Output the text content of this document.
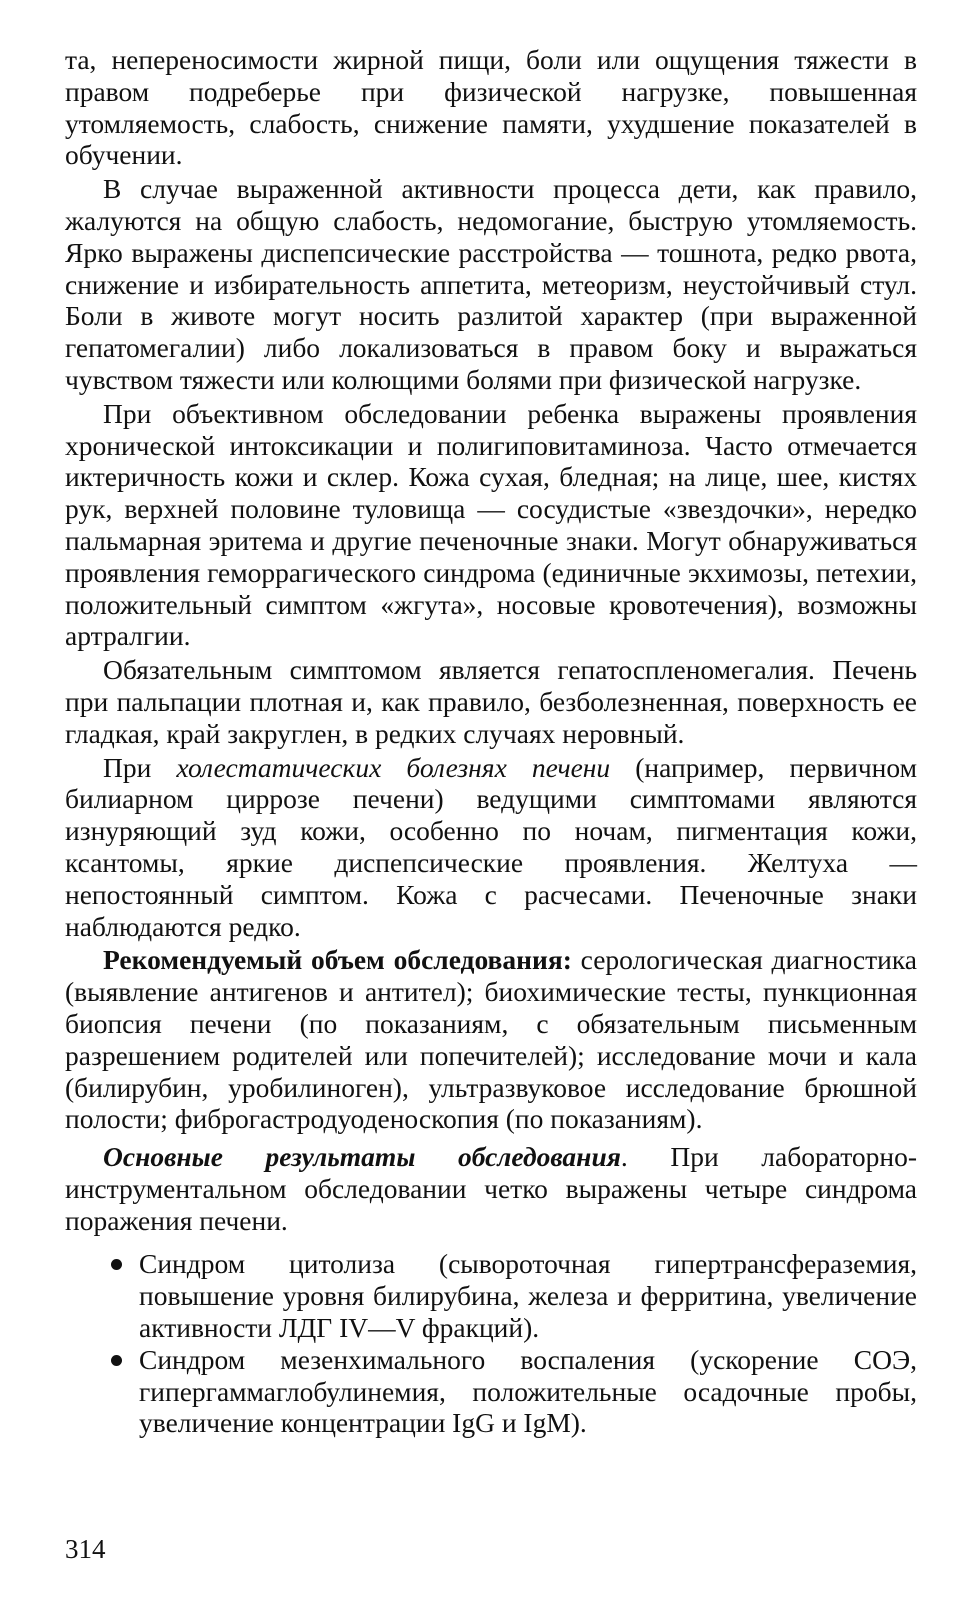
та, непереносимости жирной пищи, боли или ощущения тяжести в правом подреберье при физической нагрузке, повышенная утомляемость, слабость, снижение памяти, ухудшение показателей в обучении.

В случае выраженной активности процесса дети, как правило, жалуются на общую слабость, недомогание, быструю утомляемость. Ярко выражены диспепсические расстройства — тошнота, редко рвота, снижение и избирательность аппетита, метеоризм, неустойчивый стул. Боли в животе могут носить разлитой характер (при выраженной гепатомегалии) либо локализоваться в правом боку и выражаться чувством тяжести или колющими болями при физической нагрузке.

При объективном обследовании ребенка выражены проявления хронической интоксикации и полигиповитаминоза. Часто отмечается иктеричность кожи и склер. Кожа сухая, бледная; на лице, шее, кистях рук, верхней половине туловища — сосудистые «звездочки», нередко пальмарная эритема и другие печеночные знаки. Могут обнаруживаться проявления геморрагического синдрома (единичные экхимозы, петехии, положительный симптом «жгута», носовые кровотечения), возможны артралгии.

Обязательным симптомом является гепатоспленомегалия. Печень при пальпации плотная и, как правило, безболезненная, поверхность ее гладкая, край закруглен, в редких случаях неровный.

При холестатических болезнях печени (например, первичном билиарном циррозе печени) ведущими симптомами являются изнуряющий зуд кожи, особенно по ночам, пигментация кожи, ксантомы, яркие диспепсические проявления. Желтуха — непостоянный симптом. Кожа с расчесами. Печеночные знаки наблюдаются редко.

Рекомендуемый объем обследования: серологическая диагностика (выявление антигенов и антител); биохимические тесты, пункционная биопсия печени (по показаниям, с обязательным письменным разрешением родителей или попечителей); исследование мочи и кала (билирубин, уробилиноген), ультразвуковое исследование брюшной полости; фиброгастродуоденоскопия (по показаниям).

Основные результаты обследования. При лабораторно-инструментальном обследовании четко выражены четыре синдрома поражения печени.

Синдром цитолиза (сывороточная гипертрансфераземия, повышение уровня билирубина, железа и ферритина, увеличение активности ЛДГ IV—V фракций).
Синдром мезенхимального воспаления (ускорение СОЭ, гипергаммаглобулинемия, положительные осадочные пробы, увеличение концентрации IgG и IgM).
314
